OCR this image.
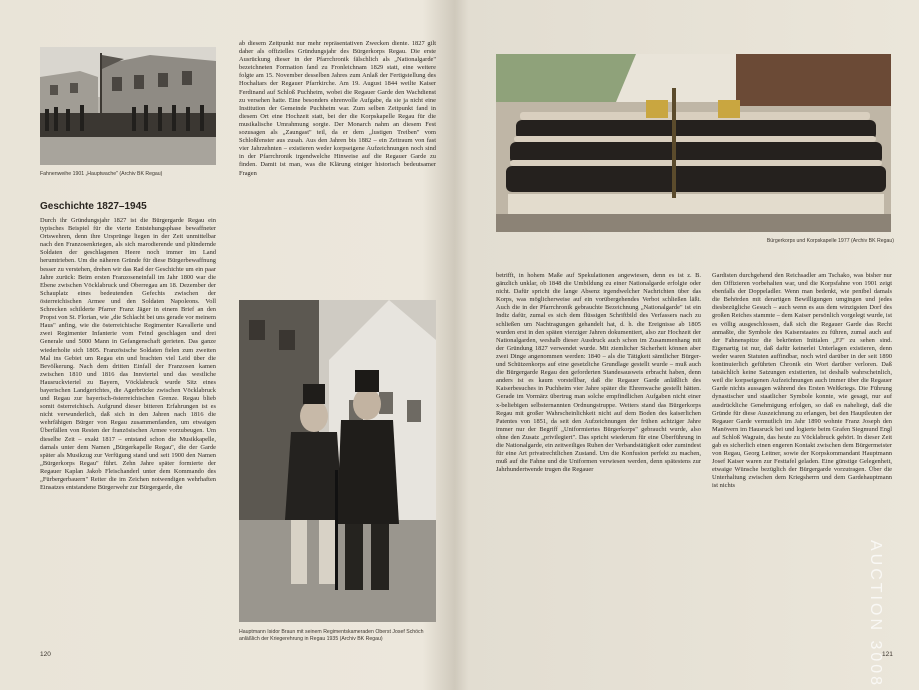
Fahnenweihe 1901 „Hauptwache" (Archiv BK Regau)
Geschichte 1827–1945

Durch ihr Gründungsjahr 1827 ist die Bürgergarde Regau ein typisches Beispiel für die vierte Entstehungsphase bewaffneter Ortswehren, denn ihre Ursprünge liegen in der Zeit unmittelbar nach den Franzosenkriegen, als sich marodierende und plündernde Soldaten der geschlagenen Heere noch immer im Land herumtrieben. Um die näheren Gründe für diese Bürgerbewaffnung besser zu verstehen, drehen wir das Rad der Geschichte um ein paar Jahre zurück: Beim ersten Franzoseneinfall im Jahr 1800 war die Ebene zwischen Vöcklabruck und Oberregau am 18. Dezember der Schauplatz eines bedeutenden Gefechts zwischen der österreichischen Armee und den Soldaten Napoleons. Voll Schrecken schilderte Pfarrer Franz Jäger in einem Brief an den Propst von St. Florian, wie „die Schlacht bei uns gerade vor meinem Haus" anfing, wie die österreichische Regimenter Kavallerie und zwei Regimenter Infanterie vom Feind geschlagen und drei Generale und 5000 Mann in Gefangenschaft gerieten. Das ganze wiederholte sich 1805. Französische Soldaten fielen zum zweiten Mal ins Gebiet um Regau ein und brachten viel Leid über die Bevölkerung. Nach dem dritten Einfall der Franzosen kamen zwischen 1810 und 1816 das Innviertel und das westliche Hausruckviertel zu Bayern, Vöcklabruck wurde Sitz eines bayerischen Landgerichtes, die Agerbrücke zwischen Vöcklabruck und Regau zur bayerisch-österreichischen Grenze. Regau blieb somit österreichisch. Aufgrund dieser bitteren Erfahrungen ist es nicht verwunderlich, daß sich in den Jahren nach 1816 die wehrfähigen Bürger von Regau zusammenfanden, um etwaigen Überfällen von Resten der französischen Armee vorzubeugen. Um dieselbe Zeit – exakt 1817 – entstand schon die Musikkapelle, damals unter dem Namen „Bürgerkapelle Regau", die der Garde später als Musikzug zur Verfügung stand und seit 1900 den Namen „Bürgerkorps Regau" führt. Zehn Jahre später formierte der Regauer Kaplan Jakob Fleischanderl unter dem Kommando des „Fürbergerbauern" Reiter die im Zeichen notwendigen wehrhaften Einsatzes entstandene Bürgerwehr zur Bürgergarde, die

ab diesem Zeitpunkt nur mehr repräsentativen Zwecken diente. 1827 gilt daher als offizielles Gründungsjahr des Bürgerkorps Regau. Die erste Ausrückung dieser in der Pfarrchronik fälschlich als „Nationalgarde" bezeichneten Formation fand zu Fronleichnam 1829 statt, eine weitere folgte am 15. November desselben Jahres zum Anlaß der Fertigstellung des Hochaltars der Regauer Pfarrkirche. Am 19. August 1844 weilte Kaiser Ferdinand auf Schloß Puchheim, wobei die Regauer Garde den Wachdienst zu versehen hatte. Eine besonders ehrenvolle Aufgabe, da sie ja nicht eine Institution der Gemeinde Puchheim war. Zum selben Zeitpunkt fand in diesem Ort eine Hochzeit statt, bei der die Korpskapelle Regau für die musikalische Umrahmung sorgte. Der Monarch nahm an diesem Fest sozusagen als „Zaungast" teil, da er dem „lustigen Treiben" vom Schloßfenster aus zusah. Aus den Jahren bis 1882 – ein Zeitraum von fast vier Jahrzehnten – existieren weder korpseigene Aufzeichnungen noch sind in der Pfarrchronik irgendwelche Hinweise auf die Regauer Garde zu finden. Damit ist man, was die Klärung einiger historisch bedeutsamer Fragen

Hauptmann Isidor Braun mit seinem Regimentskameraden Oberst Josef Schöch anläßlich der Kriegerehrung in Regau 1935 (Archiv BK Regau)
120
Bürgerkorps und Korpskapelle 1977 (Archiv BK Regau)

betrifft, in hohem Maße auf Spekulationen angewiesen, denn es ist z. B. gänzlich unklar, ob 1848 die Umbildung zu einer Nationalgarde erfolgte oder nicht. Dafür spricht die lange Absenz irgendwelcher Nachrichten über das Korps, was möglicherweise auf ein vorübergehendes Verbot schließen läßt. Auch die in der Pfarrchronik gebrauchte Bezeichnung „Nationalgarde" ist ein Indiz dafür, zumal es sich dem flüssigen Schriftbild des Verfassers nach zu schließen um Nachtragungen gehandelt hat, d. h. die Ereignisse ab 1805 wurden erst in den späten vierziger Jahren dokumentiert, also zur Hochzeit der Nationalgarden, weshalb dieser Ausdruck auch schon im Zusammenhang mit der Gründung 1827 verwendet wurde. Mit ziemlicher Sicherheit können aber zwei Dinge angenommen werden: 1840 – als die Tätigkeit sämtlicher Bürger- und Schützenkorps auf eine gesetzliche Grundlage gestellt wurde – muß auch die Bürgergarde Regau den geforderten Standesausweis erbracht haben, denn anders ist es kaum vorstellbar, daß die Regauer Garde anläßlich des Kaiserbesuches in Puchheim vier Jahre später die Ehrenwache gestellt hätten. Gerade im Vormärz übertrug man solche empfindlichen Aufgaben nicht einer x-beliebigen selbsternannten Ordnungstruppe. Weiters stand das Bürgerkorps Regau mit großer Wahrscheinlichkeit nicht auf dem Boden des kaiserlichen Patentes von 1851, da seit den Aufzeichnungen der frühen achtziger Jahre immer nur der Begriff „Uniformiertes Bürgerkorps" gebraucht wurde, also ohne den Zusatz „privilegiert". Das spricht wiederum für eine Überführung in die Nationalgarde, ein zeitweiliges Ruhen der Verbandstätigkeit oder zumindest für eine Art privatrechtlichen Zustand. Um die Konfusion perfekt zu machen, muß auf die Fahne und die Uniformen verwiesen werden, denn spätestens zur Jahrhundertwende trugen die Regauer

Gardisten durchgehend den Reichsadler am Tschako, was bisher nur den Offizieren vorbehalten war, und die Korpsfahne von 1901 zeigt ebenfalls der Doppeladler. Wenn man bedenkt, wie penibel damals die Behörden mit derartigen Bewilligungen umgingen und jedes diesbezügliche Gesuch – auch wenn es aus dem winzigsten Dorf des großen Reiches stammte – dem Kaiser persönlich vorgelegt wurde, ist es völlig ausgeschlossen, daß sich die Regauer Garde das Recht anmaßte, die Symbole des Kaiserstaates zu führen, zumal auch auf der Fahnenspitze die bekrönten Initialen „FJ" zu sehen sind. Eigenartig ist nur, daß dafür keinerlei Unterlagen existieren, denn weder waren Statuten auffindbar, noch wird darüber in der seit 1890 kontinuierlich geführten Chronik ein Wort darüber verloren. Daß tatsächlich keine Satzungen existierten, ist deshalb wahrscheinlich, weil die korpseigenen Aufzeichnungen auch immer über die Regauer Garde nichts aussagen während des Ersten Weltkriegs. Die Führung dynastischer und staatlicher Symbole konnte, wie gesagt, nur auf ausdrückliche Genehmigung erfolgen, so daß es naheliegt, daß die Gründe für diese Auszeichnung zu erlangen, bei den Hauptleuten der Regauer Garde vermutlich im Jahr 1890 wohnte Franz Joseph den Manövern im Hausruck bei und logierte beim Grafen Siegmund Engl auf Schloß Wagrain, das heute zu Vöcklabruck gehört. In dieser Zeit gab es sicherlich einen engeren Kontakt zwischen dem Bürgermeister von Regau, Georg Leitner, sowie der Korpskommandant Hauptmann Josef Kaiser waren zur Festtafel geladen. Eine günstige Gelegenheit, etwaige Wünsche bezüglich der Bürgergarde vorzutragen. Über die Unterhaltung zwischen dem Kriegsherrn und dem Gardehauptmann ist nichts

121
AUCTION 3008
